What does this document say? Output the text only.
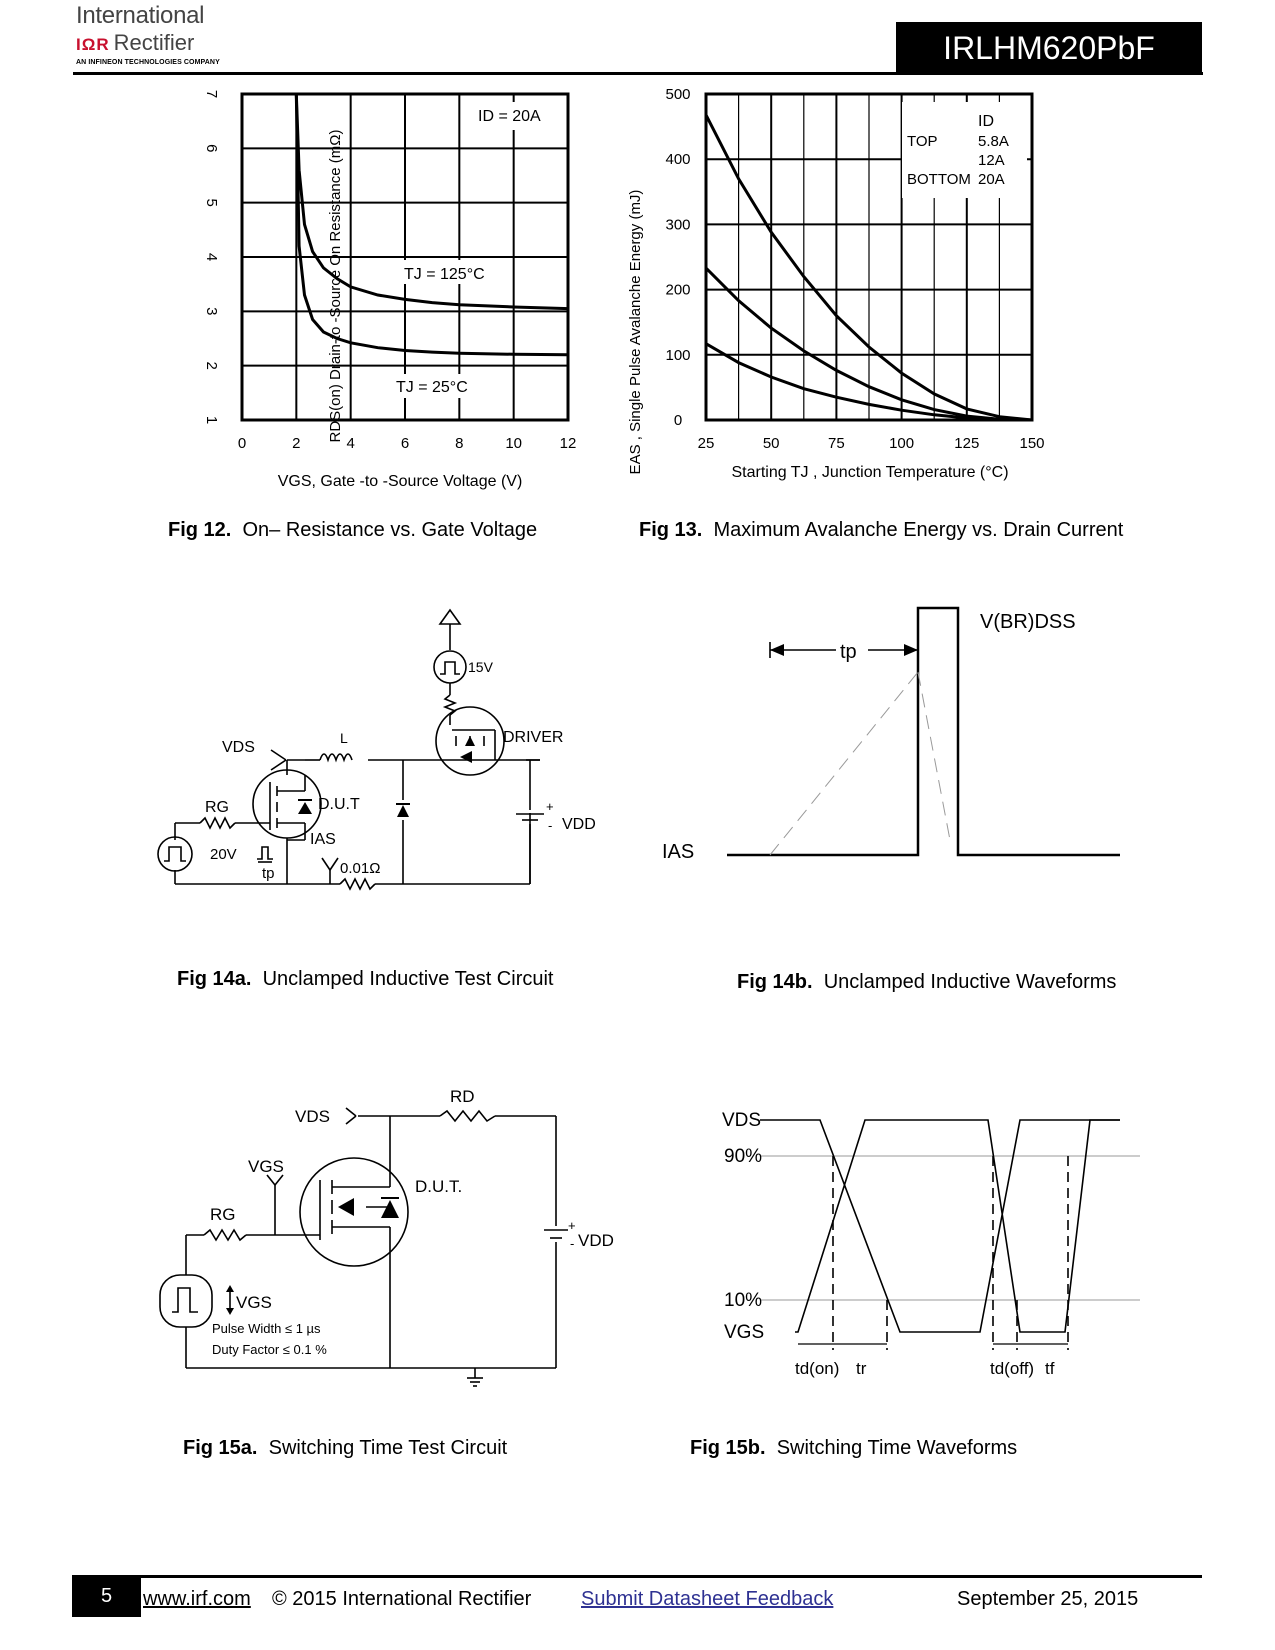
International
IΩR Rectifier
AN INFINEON TECHNOLOGIES COMPANY	IRLHM620PbF
RDS(on) Drain-to -Source On Resistance (mΩ)
0	2	4	6	8	10	12
1
2
3
4
5
6
7
ID = 20A
TJ = 125°C
TJ = 25°C
VGS, Gate -to -Source Voltage (V)
Fig 12. On– Resistance vs. Gate Voltage
EAS , Single Pulse Avalanche Energy (mJ)	25	50	75	100	125	150
0
100
200
300
400
500
ID
TOP	5.8A
12A
BOTTOM 20A
Starting TJ , Junction Temperature (°C)
Fig 13. Maximum Avalanche Energy vs. Drain Current
15V
DRIVER
VDS
L
RG	D.U.T
IAS
20V
tp	0.01Ω
VDD
+
-
Fig 14a. Unclamped Inductive Test Circuit
tp
V(BR)DSS
IAS
Fig 14b. Unclamped Inductive Waveforms
RD
VDS
VGS
RG
D.U.T.
VDD
+
-
VGS
Pulse Width ≤ 1 µs
Duty Factor ≤ 0.1 %
Fig 15a. Switching Time Test Circuit
VDS
90%
10%
VGS
td(on) tr	td(off) tf
Fig 15b. Switching Time Waveforms
5	www.irf.com © 2015 International Rectifier Submit Datasheet Feedback	September 25, 2015
